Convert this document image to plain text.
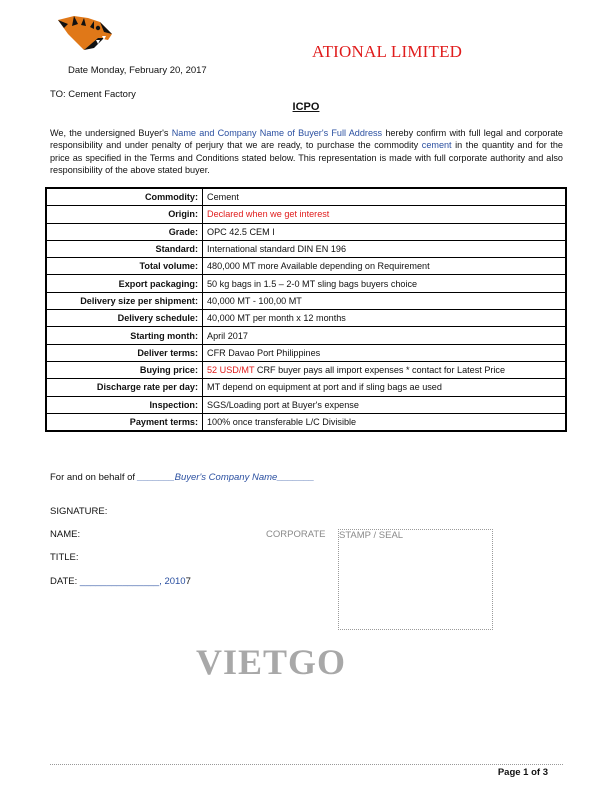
ATIONAL LIMITED
Date Monday, February 20, 2017
TO: Cement Factory
ICPO
We, the undersigned Buyer's Name and Company Name of Buyer's Full Address hereby confirm with full legal and corporate responsibility and under penalty of perjury that we are ready, to purchase the commodity cement in the quantity and for the price as specified in the Terms and Conditions stated below. This representation is made with full corporate authority and also responsibility of the above stated buyer.
Commodity:	Cement
Origin:	Declared when we get interest
Grade:	OPC 42.5 CEM I
Standard:	International standard DIN EN 196
Total volume:	480,000 MT more Available depending on Requirement
Export packaging:	50 kg bags in 1.5 – 2-0 MT sling bags buyers choice
Delivery size per shipment:	40,000 MT - 100,00 MT
Delivery schedule:	40,000 MT per month x 12 months
Starting month:	April 2017
Deliver terms:	CFR Davao Port Philippines
Buying price:	52 USD/MT CRF buyer pays all import expenses * contact for Latest Price
Discharge rate per day:	MT depend on equipment at port and if sling bags ae used
Inspection:	SGS/Loading port at Buyer's expense
Payment terms:	100% once transferable L/C Divisible
For and on behalf of _______Buyer's Company Name_______
SIGNATURE:
NAME:
TITLE:
DATE: _______________, 20107
CORPORATE STAMP / SEAL
VIETGO
Page 1 of 3
